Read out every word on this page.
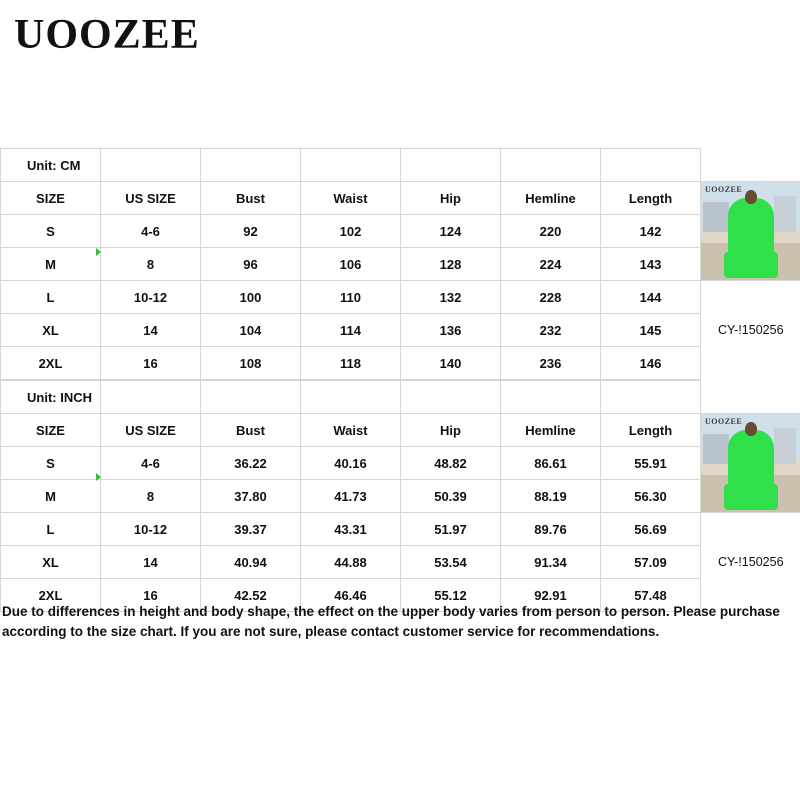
UOOZEE
Unit: CM							
SIZE	US SIZE	Bust	Waist	Hip	Hemline	Length	UOOZEE

S	4-6	92	102	124	220	142	
M	8	96	106	128	224	143	
L	10-12	100	110	132	228	144	
XL	14	104	114	136	232	145	CY-!150256
2XL	16	108	118	140	236	146	
Unit: INCH							
SIZE	US SIZE	Bust	Waist	Hip	Hemline	Length	UOOZEE

S	4-6	36.22	40.16	48.82	86.61	55.91	
M	8	37.80	41.73	50.39	88.19	56.30	
L	10-12	39.37	43.31	51.97	89.76	56.69	
XL	14	40.94	44.88	53.54	91.34	57.09	CY-!150256
2XL	16	42.52	46.46	55.12	92.91	57.48	
Due to differences in height and body shape, the effect on the upper body varies from person to person. Please purchase according to the size chart. If you are not sure, please contact customer service for recommendations.
